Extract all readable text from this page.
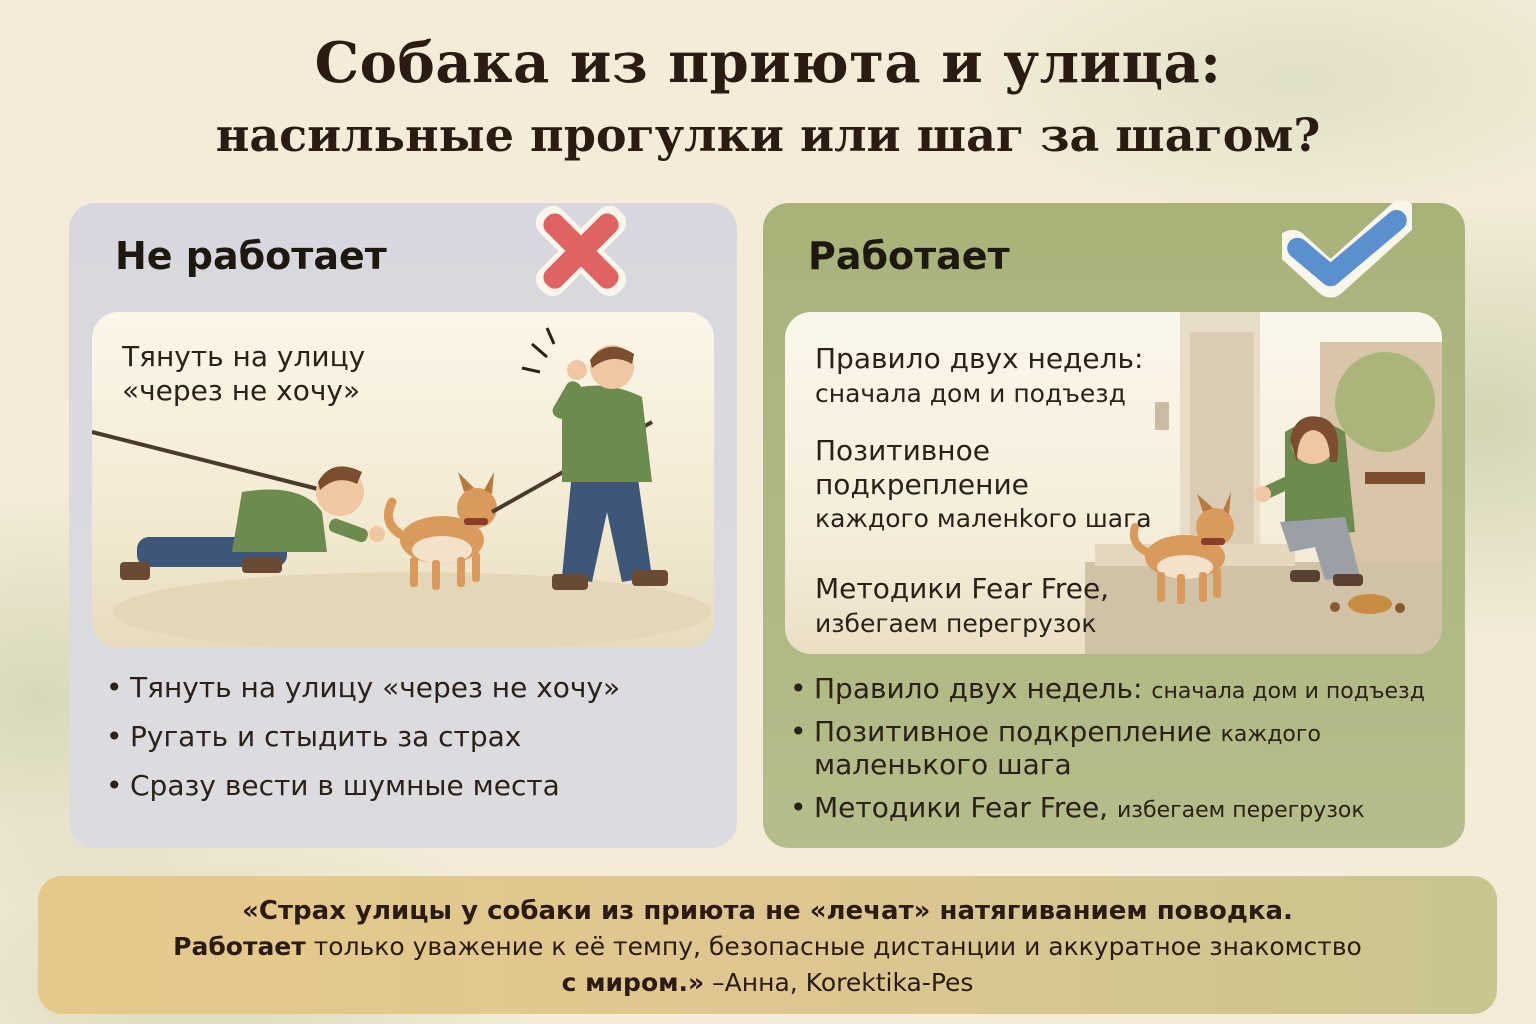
Собака из приюта и улица:
насильные прогулки или шаг за шагом?
Не работает

Тянуть на улицу
«через не хочу»

• Тянуть на улицу «через не хочу»
• Ругать и стыдить за страх
• Сразу вести в шумные места
Работает

Правило двух недель:
сначала дом и подъезд

Позитивное
подкрепление
каждого маленkого шага

Методики Fear Free,
избегаем перегрузок

• Правило двух недель: сначала дом и подъезд
• Позитивное подкрепление каждого
маленького шага
• Методики Fear Free, избегаем перегрузок

«Страх улицы у собаки из приюта не «лечат» натягиванием поводка.

Работает только уважение к её темпу, безопасные дистанции и аккуратное знакомство

с миром.» –Анна, Korektika-Pes
